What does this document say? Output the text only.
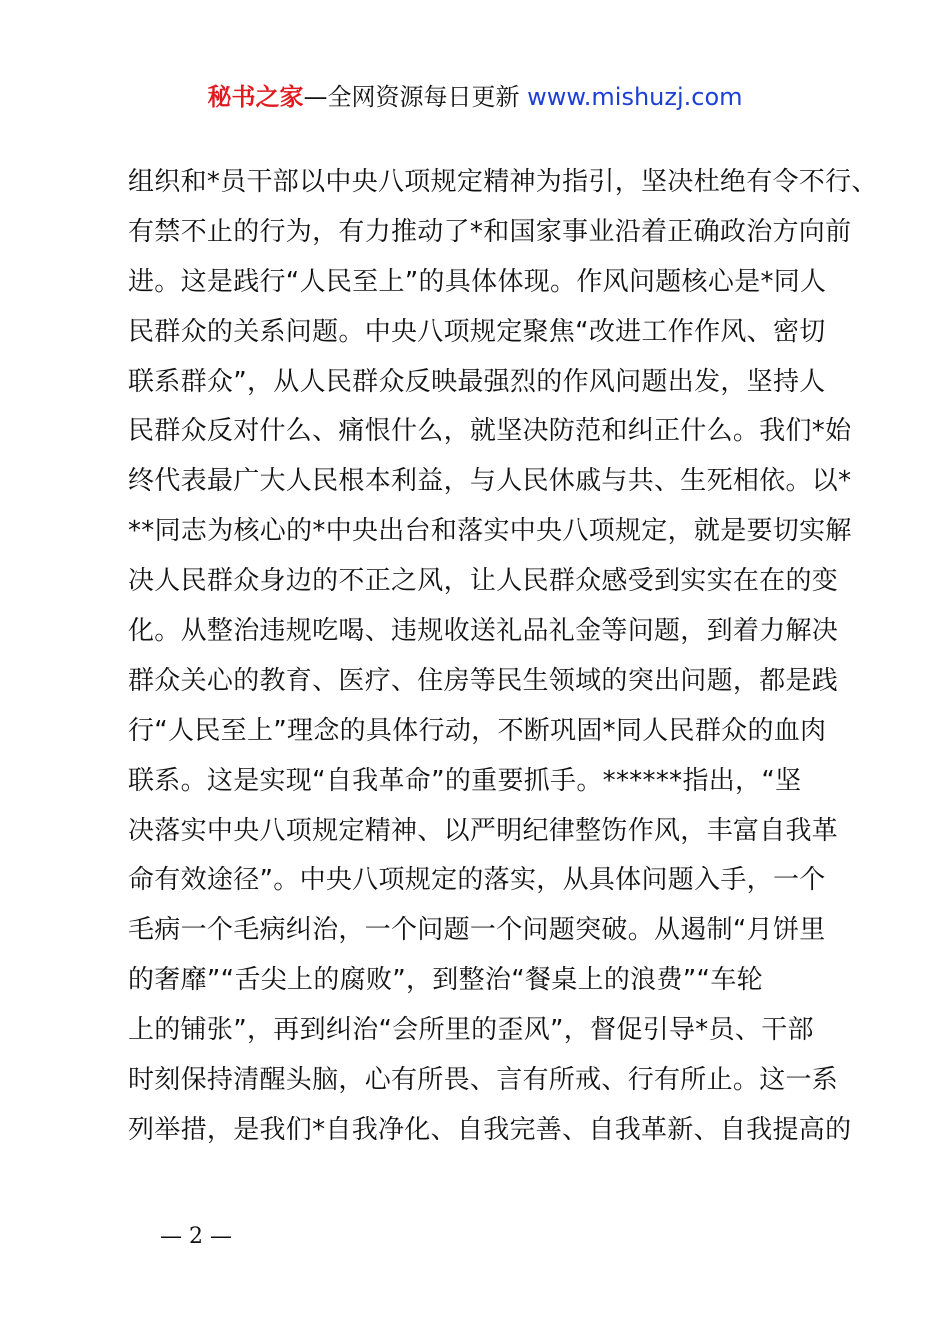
秘书之家—全网资源每日更新 www.mishuzj.com
组织和*员干部以中央八项规定精神为指引，坚决杜绝有令不行、
有禁不止的行为，有力推动了*和国家事业沿着正确政治方向前
进。这是践行“人民至上”的具体体现。作风问题核心是*同人
民群众的关系问题。中央八项规定聚焦“改进工作作风、密切
联系群众”，从人民群众反映最强烈的作风问题出发，坚持人
民群众反对什么、痛恨什么，就坚决防范和纠正什么。我们*始
终代表最广大人民根本利益，与人民休戚与共、生死相依。以*
**同志为核心的*中央出台和落实中央八项规定，就是要切实解
决人民群众身边的不正之风，让人民群众感受到实实在在的变
化。从整治违规吃喝、违规收送礼品礼金等问题，到着力解决
群众关心的教育、医疗、住房等民生领域的突出问题，都是践
行“人民至上”理念的具体行动，不断巩固*同人民群众的血肉
联系。这是实现“自我革命”的重要抓手。******指出，“坚
决落实中央八项规定精神、以严明纪律整饬作风，丰富自我革
命有效途径”。中央八项规定的落实，从具体问题入手，一个
毛病一个毛病纠治，一个问题一个问题突破。从遏制“月饼里
的奢靡”“舌尖上的腐败”，到整治“餐桌上的浪费”“车轮
上的铺张”，再到纠治“会所里的歪风”，督促引导*员、干部
时刻保持清醒头脑，心有所畏、言有所戒、行有所止。这一系
列举措，是我们*自我净化、自我完善、自我革新、自我提高的
— 2 —
